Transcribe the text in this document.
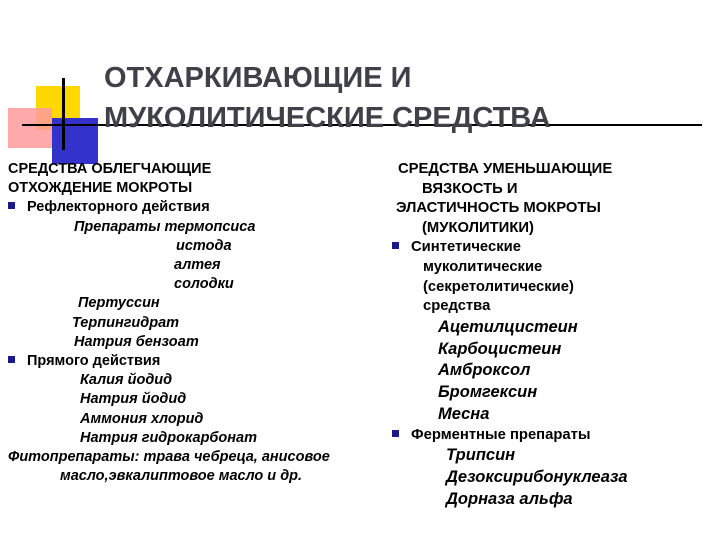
ОТХАРКИВАЮЩИЕ И
МУКОЛИТИЧЕСКИЕ СРЕДСТВА
СРЕДСТВА ОБЛЕГЧАЮЩИЕ
ОТХОЖДЕНИЕ МОКРОТЫ
Рефлекторного действия
Препараты термопсиса
истода
алтея
солодки
Пертуссин
Терпингидрат
Натрия бензоат
Прямого действия
Калия йодид
Натрия йодид
Аммония хлорид
Натрия гидрокарбонат
Фитопрепараты: трава чебреца, анисовое
масло,эвкалиптовое масло и др.
СРЕДСТВА УМЕНЬШАЮЩИЕ
ВЯЗКОСТЬ И
ЭЛАСТИЧНОСТЬ МОКРОТЫ
(МУКОЛИТИКИ)
Синтетические
муколитические
(секретолитические)
средства
Ацетилцистеин
Карбоцистеин
Амброксол
Бромгексин
Месна
Ферментные препараты
Трипсин
Дезоксирибонуклеаза
Дорназа альфа
